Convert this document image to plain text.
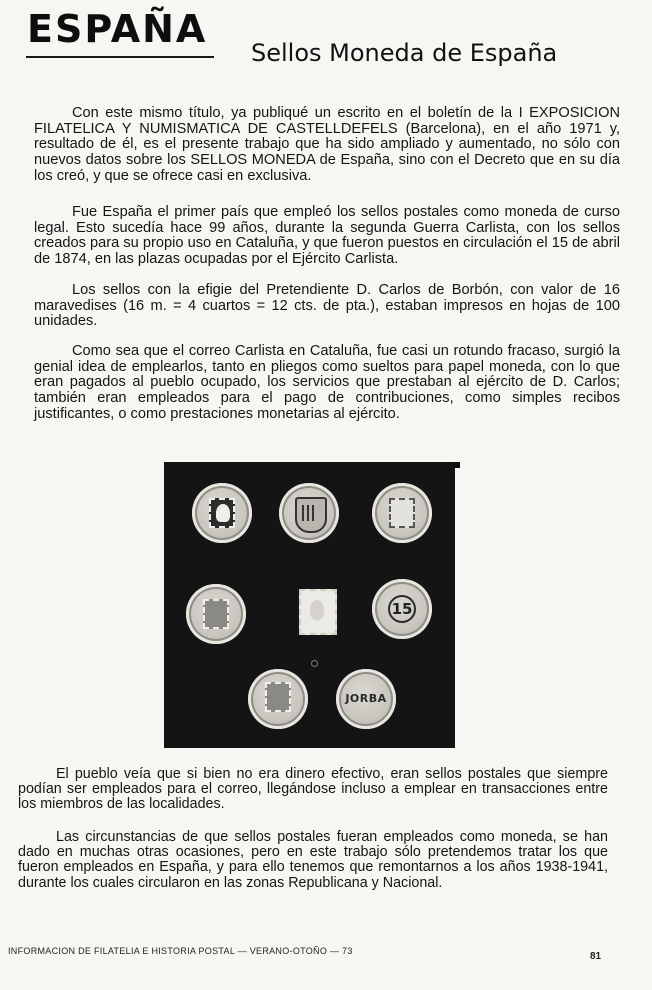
ESPAÑA
Sellos Moneda de España

Con este mismo título, ya publiqué un escrito en el boletín de la I EXPOSICION FILATELICA Y NUMISMATICA DE CASTELLDEFELS (Barcelona), en el año 1971 y, resultado de él, es el presente trabajo que ha sido ampliado y aumentado, no sólo con nuevos datos sobre los SELLOS MONEDA de España, sino con el Decreto que en su día los creó, y que se ofrece casi en exclusiva.

Fue España el primer país que empleó los sellos postales como moneda de curso legal. Esto sucedía hace 99 años, durante la segunda Guerra Carlista, con los sellos creados para su propio uso en Cataluña, y que fueron puestos en circulación el 15 de abril de 1874, en las plazas ocupadas por el Ejército Carlista.

Los sellos con la efigie del Pretendiente D. Carlos de Borbón, con valor de 16 maravedises (16 m. = 4 cuartos = 12 cts. de pta.), estaban impresos en hojas de 100 unidades.

Como sea que el correo Carlista en Cataluña, fue casi un rotundo fracaso, surgió la genial idea de emplearlos, tanto en pliegos como sueltos para papel moneda, con lo que eran pagados al pueblo ocupado, los servicios que prestaban al ejército de D. Carlos; también eran empleados para el pago de contribuciones, como simples recibos justificantes, o como prestaciones monetarias al ejército.

15
JORBA

El pueblo veía que si bien no era dinero efectivo, eran sellos postales que siempre podían ser empleados para el correo, llegándose incluso a emplear en transacciones entre los miembros de las localidades.

Las circunstancias de que sellos postales fueran empleados como moneda, se han dado en muchas otras ocasiones, pero en este trabajo sólo pretendemos tratar los que fueron empleados en España, y para ello tenemos que remontarnos a los años 1938-1941, durante los cuales circularon en las zonas Republicana y Nacional.

INFORMACION DE FILATELIA E HISTORIA POSTAL — VERANO-OTOÑO — 73	81
